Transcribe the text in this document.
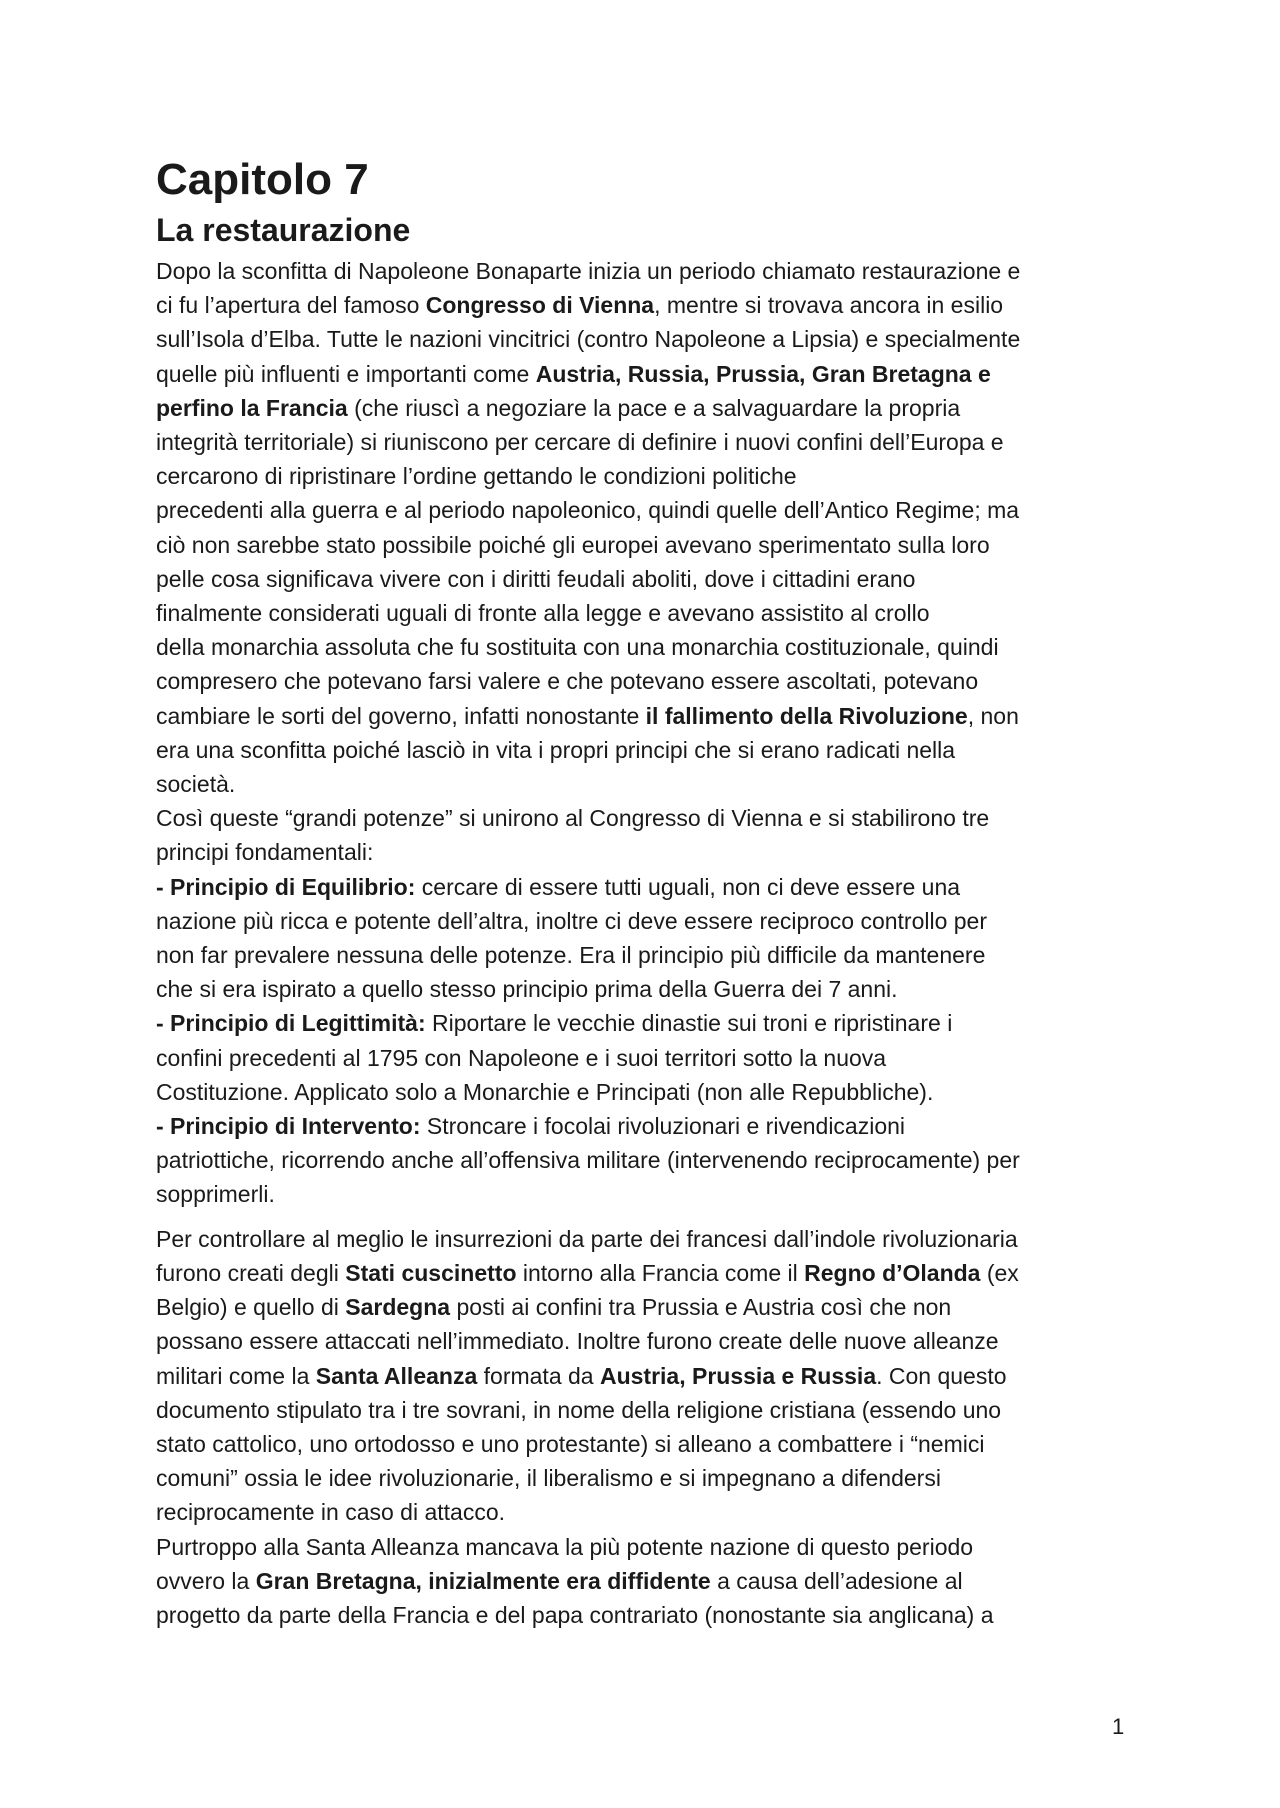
Capitolo 7
La restaurazione
Dopo la sconfitta di Napoleone Bonaparte inizia un periodo chiamato restaurazione e
ci fu l’apertura del famoso Congresso di Vienna, mentre si trovava ancora in esilio
sull’Isola d’Elba. Tutte le nazioni vincitrici (contro Napoleone a Lipsia) e specialmente
quelle più influenti e importanti come Austria, Russia, Prussia, Gran Bretagna e
perfino la Francia (che riuscì a negoziare la pace e a salvaguardare la propria
integrità territoriale) si riuniscono per cercare di definire i nuovi confini dell’Europa e
cercarono di ripristinare l’ordine gettando le condizioni politiche
precedenti alla guerra e al periodo napoleonico, quindi quelle dell’Antico Regime; ma
ciò non sarebbe stato possibile poiché gli europei avevano sperimentato sulla loro
pelle cosa significava vivere con i diritti feudali aboliti, dove i cittadini erano
finalmente considerati uguali di fronte alla legge e avevano assistito al crollo
della monarchia assoluta che fu sostituita con una monarchia costituzionale, quindi
compresero che potevano farsi valere e che potevano essere ascoltati, potevano
cambiare le sorti del governo, infatti nonostante il fallimento della Rivoluzione, non
era una sconfitta poiché lasciò in vita i propri principi che si erano radicati nella
società.
Così queste “grandi potenze” si unirono al Congresso di Vienna e si stabilirono tre
principi fondamentali:
- Principio di Equilibrio: cercare di essere tutti uguali, non ci deve essere una
nazione più ricca e potente dell’altra, inoltre ci deve essere reciproco controllo per
non far prevalere nessuna delle potenze. Era il principio più difficile da mantenere
che si era ispirato a quello stesso principio prima della Guerra dei 7 anni.
- Principio di Legittimità: Riportare le vecchie dinastie sui troni e ripristinare i
confini precedenti al 1795 con Napoleone e i suoi territori sotto la nuova
Costituzione. Applicato solo a Monarchie e Principati (non alle Repubbliche).
- Principio di Intervento: Stroncare i focolai rivoluzionari e rivendicazioni
patriottiche, ricorrendo anche all’offensiva militare (intervenendo reciprocamente) per
sopprimerli.
Per controllare al meglio le insurrezioni da parte dei francesi dall’indole rivoluzionaria
furono creati degli Stati cuscinetto intorno alla Francia come il Regno d’Olanda (ex
Belgio) e quello di Sardegna posti ai confini tra Prussia e Austria così che non
possano essere attaccati nell’immediato. Inoltre furono create delle nuove alleanze
militari come la Santa Alleanza formata da Austria, Prussia e Russia. Con questo
documento stipulato tra i tre sovrani, in nome della religione cristiana (essendo uno
stato cattolico, uno ortodosso e uno protestante) si alleano a combattere i “nemici
comuni” ossia le idee rivoluzionarie, il liberalismo e si impegnano a difendersi
reciprocamente in caso di attacco.
Purtroppo alla Santa Alleanza mancava la più potente nazione di questo periodo
ovvero la Gran Bretagna, inizialmente era diffidente a causa dell’adesione al
progetto da parte della Francia e del papa contrariato (nonostante sia anglicana) a
1
